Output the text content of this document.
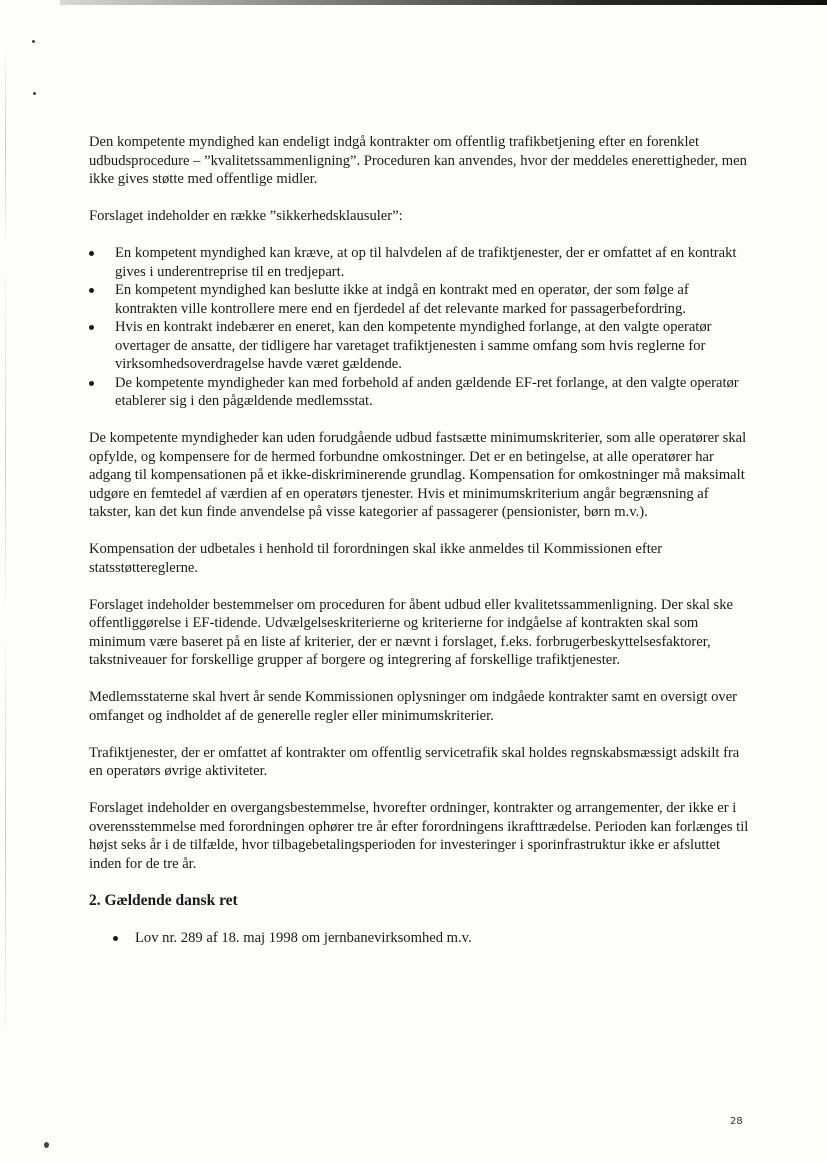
Den kompetente myndighed kan endeligt indgå kontrakter om offentlig trafikbetjening efter en forenklet udbudsprocedure – ”kvalitetssammenligning”. Proceduren kan anvendes, hvor der meddeles enerettigheder, men ikke gives støtte med offentlige midler.

Forslaget indeholder en række ”sikkerhedsklausuler”:

En kompetent myndighed kan kræve, at op til halvdelen af de trafiktjenester, der er omfattet af en kontrakt gives i underentreprise til en tredjepart.
En kompetent myndighed kan beslutte ikke at indgå en kontrakt med en operatør, der som følge af kontrakten ville kontrollere mere end en fjerdedel af det relevante marked for passagerbefordring.
Hvis en kontrakt indebærer en eneret, kan den kompetente myndighed forlange, at den valgte operatør overtager de ansatte, der tidligere har varetaget trafiktjenesten i samme omfang som hvis reglerne for virksomhedsoverdragelse havde været gældende.
De kompetente myndigheder kan med forbehold af anden gældende EF-ret forlange, at den valgte operatør etablerer sig i den pågældende medlemsstat.

De kompetente myndigheder kan uden forudgående udbud fastsætte minimumskriterier, som alle operatører skal opfylde, og kompensere for de hermed forbundne omkostninger. Det er en betingelse, at alle operatører har adgang til kompensationen på et ikke-diskriminerende grundlag. Kompensation for omkostninger må maksimalt udgøre en femtedel af værdien af en operatørs tjenester. Hvis et minimumskriterium angår begrænsning af takster, kan det kun finde anvendelse på visse kategorier af passagerer (pensionister, børn m.v.).

Kompensation der udbetales i henhold til forordningen skal ikke anmeldes til Kommissionen efter statsstøttereglerne.

Forslaget indeholder bestemmelser om proceduren for åbent udbud eller kvalitetssammenligning. Der skal ske offentliggørelse i EF-tidende. Udvælgelseskriterierne og kriterierne for indgåelse af kontrakten skal som minimum være baseret på en liste af kriterier, der er nævnt i forslaget, f.eks. forbrugerbeskyttelsesfaktorer, takstniveauer for forskellige grupper af borgere og integrering af forskellige trafiktjenester.

Medlemsstaterne skal hvert år sende Kommissionen oplysninger om indgåede kontrakter samt en oversigt over omfanget og indholdet af de generelle regler eller minimumskriterier.

Trafiktjenester, der er omfattet af kontrakter om offentlig servicetrafik skal holdes regnskabsmæssigt adskilt fra en operatørs øvrige aktiviteter.

Forslaget indeholder en overgangsbestemmelse, hvorefter ordninger, kontrakter og arrangementer, der ikke er i overensstemmelse med forordningen ophører tre år efter forordningens ikrafttrædelse. Perioden kan forlænges til højst seks år i de tilfælde, hvor tilbagebetalingsperioden for investeringer i sporinfrastruktur ikke er afsluttet inden for de tre år.

2. Gældende dansk ret
Lov nr. 289 af 18. maj 1998 om jernbanevirksomhed m.v.
28
